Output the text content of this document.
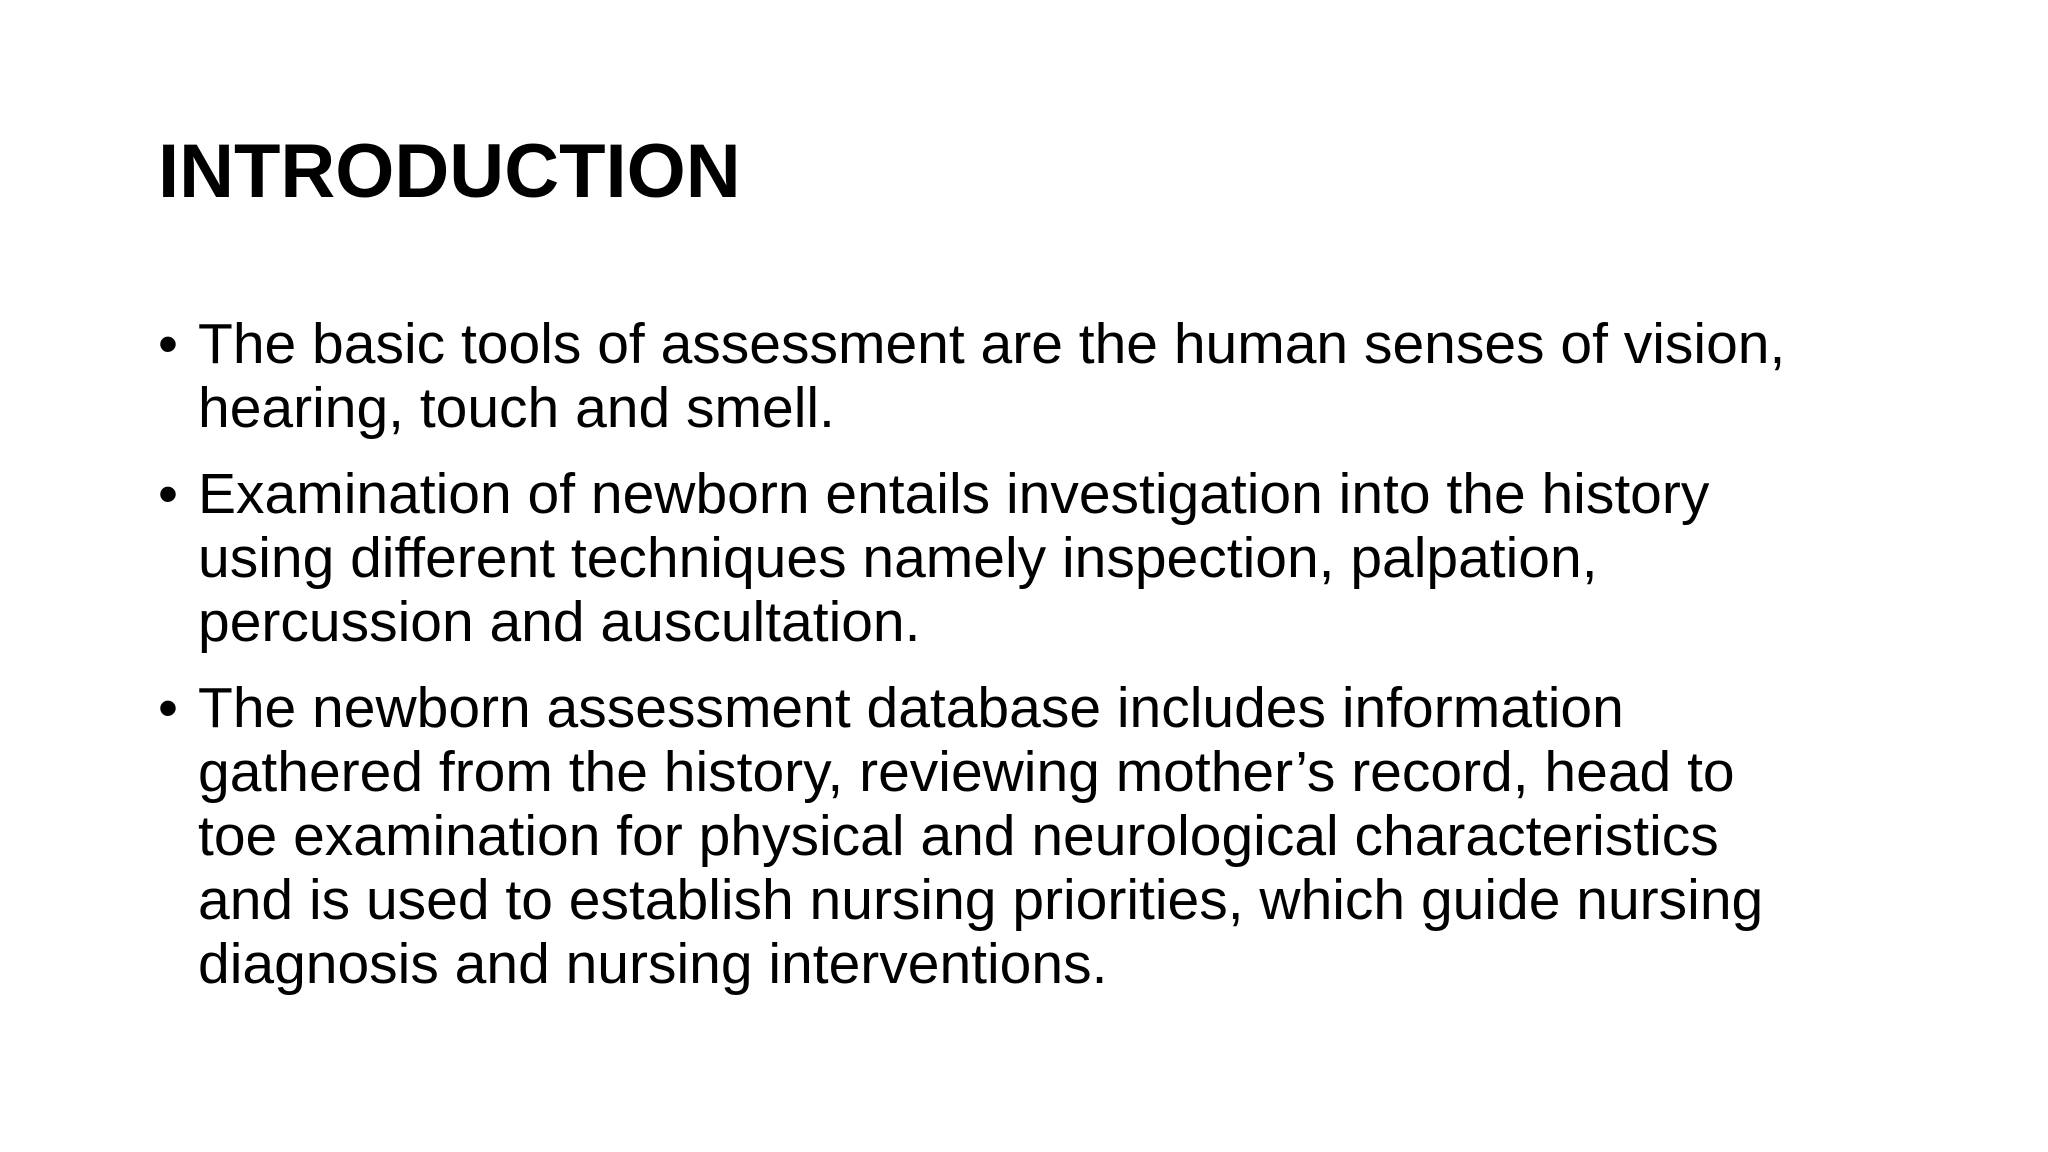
INTRODUCTION
• The basic tools of assessment are the human senses of vision,
hearing, touch and smell.
• Examination of newborn entails investigation into the history
using different techniques namely inspection, palpation,
percussion and auscultation.
• The newborn assessment database includes information
gathered from the history, reviewing mother’s record, head to
toe examination for physical and neurological characteristics
and is used to establish nursing priorities, which guide nursing
diagnosis and nursing interventions.
